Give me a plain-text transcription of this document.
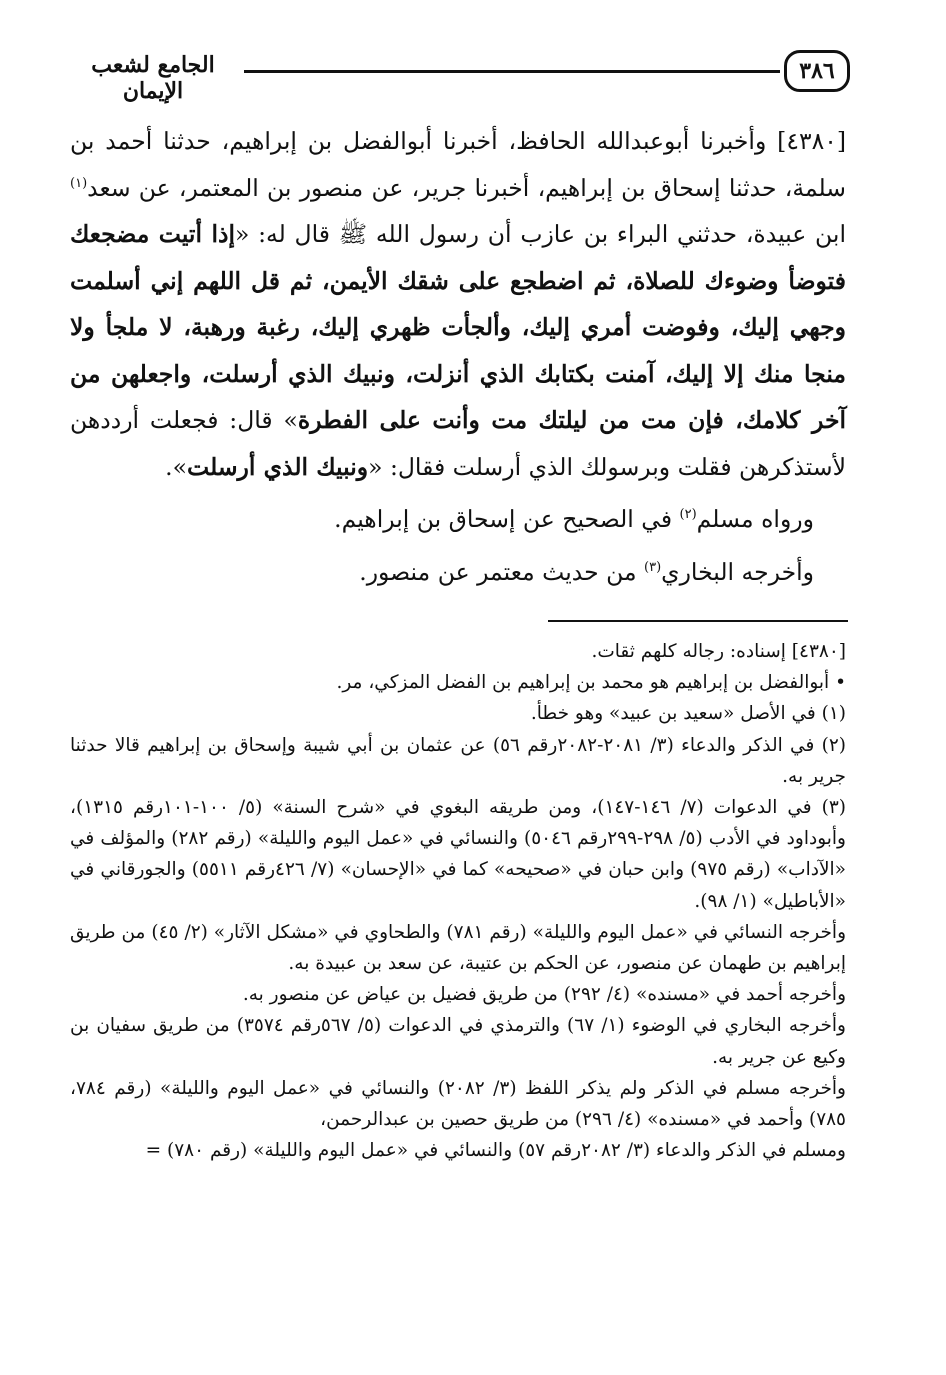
٣٨٦
الجامع لشعب الإيمان

[٤٣٨٠] وأخبرنا أبوعبدالله الحافظ، أخبرنا أبوالفضل بن إبراهيم، حدثنا أحمد بن سلمة، حدثنا إسحاق بن إبراهيم، أخبرنا جرير، عن منصور بن المعتمر، عن سعد$^{(١)}$ ابن عبيدة، حدثني البراء بن عازب أن رسول الله ﷺ قال له: «إذا أتيت مضجعك فتوضأ وضوءك للصلاة، ثم اضطجع على شقك الأيمن، ثم قل اللهم إني أسلمت وجهي إليك، وفوضت أمري إليك، وألجأت ظهري إليك، رغبة ورهبة، لا ملجأ ولا منجا منك إلا إليك، آمنت بكتابك الذي أنزلت، ونبيك الذي أرسلت، واجعلهن من آخر كلامك، فإن مت من ليلتك مت وأنت على الفطرة» قال: فجعلت أرددهن لأستذكرهن فقلت وبرسولك الذي أرسلت فقال: «ونبيك الذي أرسلت».

ورواه مسلم$^{(٢)}$ في الصحيح عن إسحاق بن إبراهيم.

وأخرجه البخاري$^{(٣)}$ من حديث معتمر عن منصور.

[٤٣٨٠] إسناده: رجاله كلهم ثقات.

• أبوالفضل بن إبراهيم هو محمد بن إبراهيم بن الفضل المزكي، مر.

(١) في الأصل «سعيد بن عبيد» وهو خطأ.

(٢) في الذكر والدعاء (٣/ ٢٠٨١-٢٠٨٢رقم ٥٦) عن عثمان بن أبي شيبة وإسحاق بن إبراهيم قالا حدثنا جرير به.

(٣) في الدعوات (٧/ ١٤٦-١٤٧)، ومن طريقه البغوي في «شرح السنة» (٥/ ١٠٠-١٠١رقم ١٣١٥)، وأبوداود في الأدب (٥/ ٢٩٨-٢٩٩رقم ٥٠٤٦) والنسائي في «عمل اليوم والليلة» (رقم ٢٨٢) والمؤلف في «الآداب» (رقم ٩٧٥) وابن حبان في «صحيحه» كما في «الإحسان» (٧/ ٤٢٦رقم ٥٥١١) والجورقاني في «الأباطيل» (١/ ٩٨).

وأخرجه النسائي في «عمل اليوم والليلة» (رقم ٧٨١) والطحاوي في «مشكل الآثار» (٢/ ٤٥) من طريق إبراهيم بن طهمان عن منصور، عن الحكم بن عتيبة، عن سعد بن عبيدة به.

وأخرجه أحمد في «مسنده» (٤/ ٢٩٢) من طريق فضيل بن عياض عن منصور به.

وأخرجه البخاري في الوضوء (١/ ٦٧) والترمذي في الدعوات (٥/ ٥٦٧رقم ٣٥٧٤) من طريق سفيان بن وكيع عن جرير به.

وأخرجه مسلم في الذكر ولم يذكر اللفظ (٣/ ٢٠٨٢) والنسائي في «عمل اليوم والليلة» (رقم ٧٨٤، ٧٨٥) وأحمد في «مسنده» (٤/ ٢٩٦) من طريق حصين بن عبدالرحمن،

ومسلم في الذكر والدعاء (٣/ ٢٠٨٢رقم ٥٧) والنسائي في «عمل اليوم والليلة» (رقم ٧٨٠) =
